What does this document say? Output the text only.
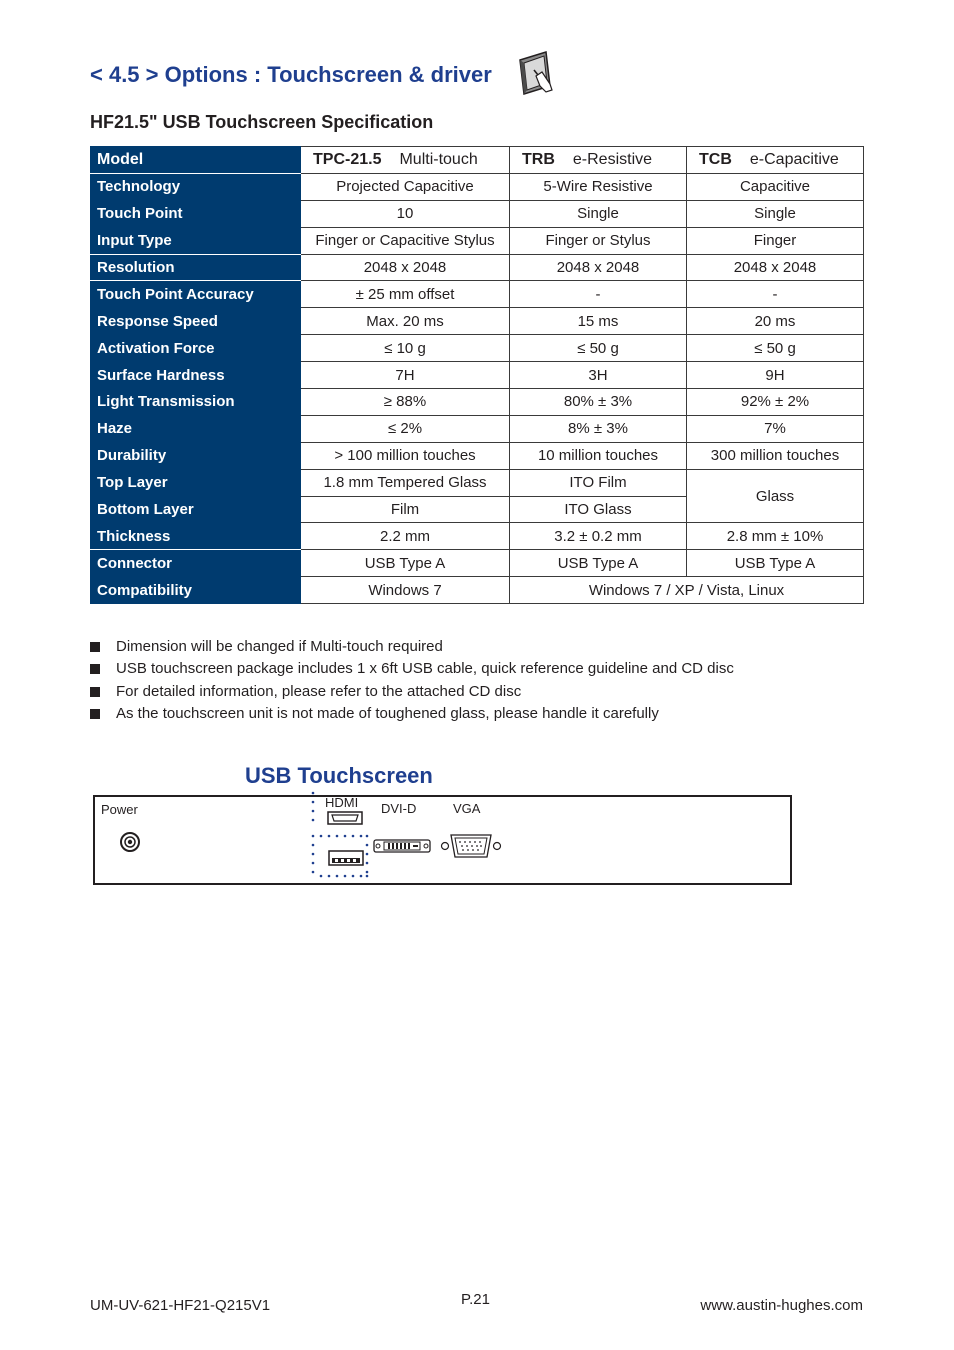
< 4.5 > Options : Touchscreen & driver
HF21.5" USB Touchscreen Specification
Model	TPC-21.5 Multi-touch	TRB e-Resistive	TCB e-Capacitive
Technology	Projected Capacitive	5-Wire Resistive	Capacitive
Touch Point	10	Single	Single
Input Type	Finger or Capacitive Stylus	Finger or Stylus	Finger
Resolution	2048 x 2048	2048 x 2048	2048 x 2048
Touch Point Accuracy	± 25 mm offset	-	-
Response Speed	Max. 20 ms	15 ms	20 ms
Activation Force	≤ 10 g	≤ 50 g	≤ 50 g
Surface Hardness	7H	3H	9H
Light Transmission	≥ 88%	80% ± 3%	92% ± 2%
Haze	≤ 2%	8% ± 3%	7%
Durability	> 100 million touches	10 million touches	300 million touches
Top Layer	1.8 mm Tempered Glass	ITO Film	Glass
Bottom Layer	Film	ITO Glass	
Thickness	2.2 mm	3.2 ± 0.2 mm	2.8 mm ± 10%
Connector	USB Type A	USB Type A	USB Type A
Compatibility	Windows 7	Windows 7 / XP / Vista, Linux	
Dimension will be changed if Multi-touch required
USB touchscreen package includes 1 x 6ft USB cable, quick reference guideline and CD disc
For detailed information, please refer to the attached CD disc
As the touchscreen unit is not made of toughened glass, please handle it carefully
USB Touchscreen
Power	HDMI DVI-D	VGA
UM-UV-621-HF21-Q215V1	P.21	www.austin-hughes.com
